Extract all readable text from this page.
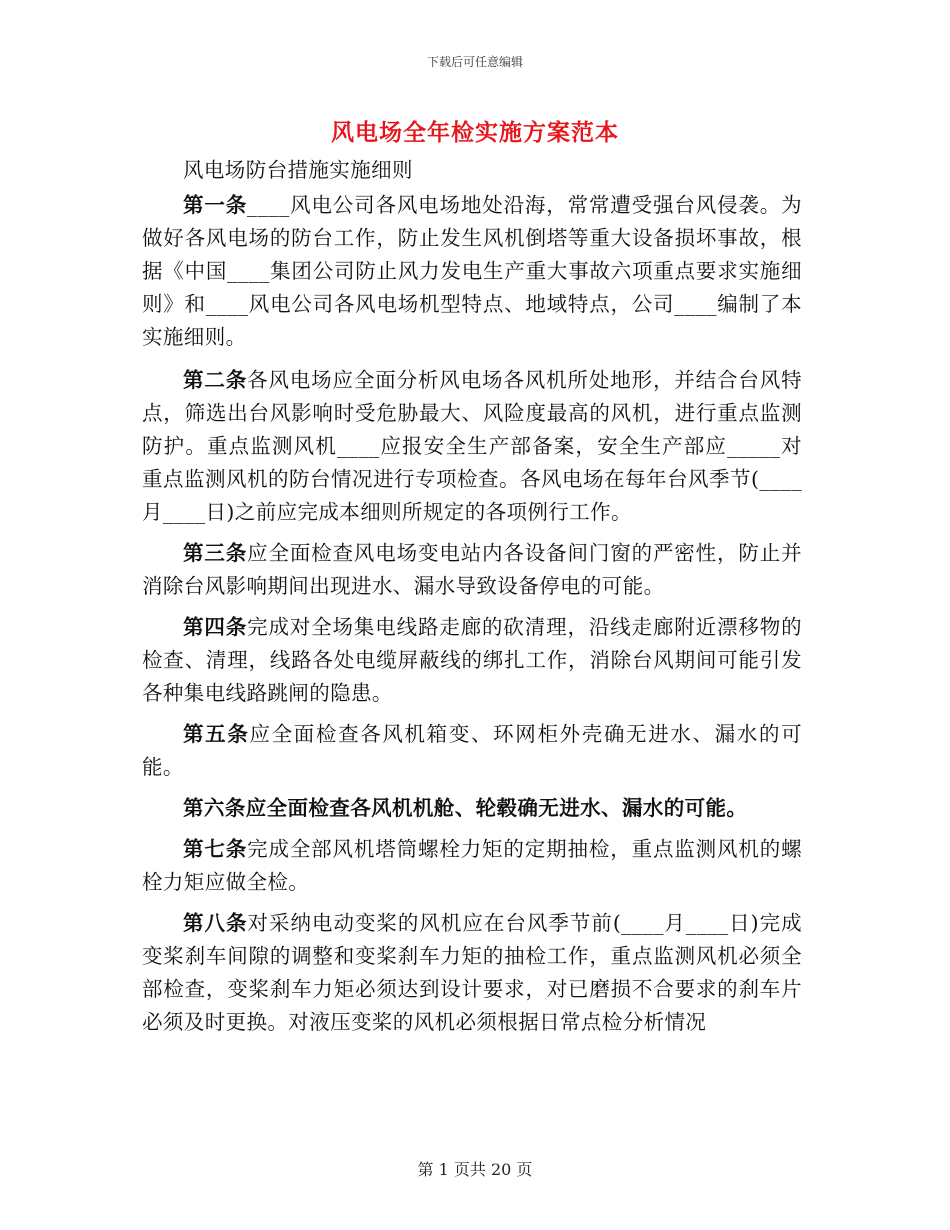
下载后可任意编辑
风电场全年检实施方案范本

风电场防台措施实施细则

第一条____风电公司各风电场地处沿海，常常遭受强台风侵袭。为做好各风电场的防台工作，防止发生风机倒塔等重大设备损坏事故，根据《中国____集团公司防止风力发电生产重大事故六项重点要求实施细则》和____风电公司各风电场机型特点、地域特点，公司____编制了本实施细则。

第二条各风电场应全面分析风电场各风机所处地形，并结合台风特点，筛选出台风影响时受危胁最大、风险度最高的风机，进行重点监测防护。重点监测风机____应报安全生产部备案，安全生产部应_____对重点监测风机的防台情况进行专项检查。各风电场在每年台风季节(____月____日)之前应完成本细则所规定的各项例行工作。

第三条应全面检查风电场变电站内各设备间门窗的严密性，防止并消除台风影响期间出现进水、漏水导致设备停电的可能。

第四条完成对全场集电线路走廊的砍清理，沿线走廊附近漂移物的检查、清理，线路各处电缆屏蔽线的绑扎工作，消除台风期间可能引发各种集电线路跳闸的隐患。

第五条应全面检查各风机箱变、环网柜外壳确无进水、漏水的可能。

第六条应全面检查各风机机舱、轮毂确无进水、漏水的可能。

第七条完成全部风机塔筒螺栓力矩的定期抽检，重点监测风机的螺栓力矩应做全检。

第八条对采纳电动变桨的风机应在台风季节前(____月____日)完成变桨刹车间隙的调整和变桨刹车力矩的抽检工作，重点监测风机必须全部检查，变桨刹车力矩必须达到设计要求，对已磨损不合要求的刹车片必须及时更换。对液压变桨的风机必须根据日常点检分析情况

第 1 页共 20 页
